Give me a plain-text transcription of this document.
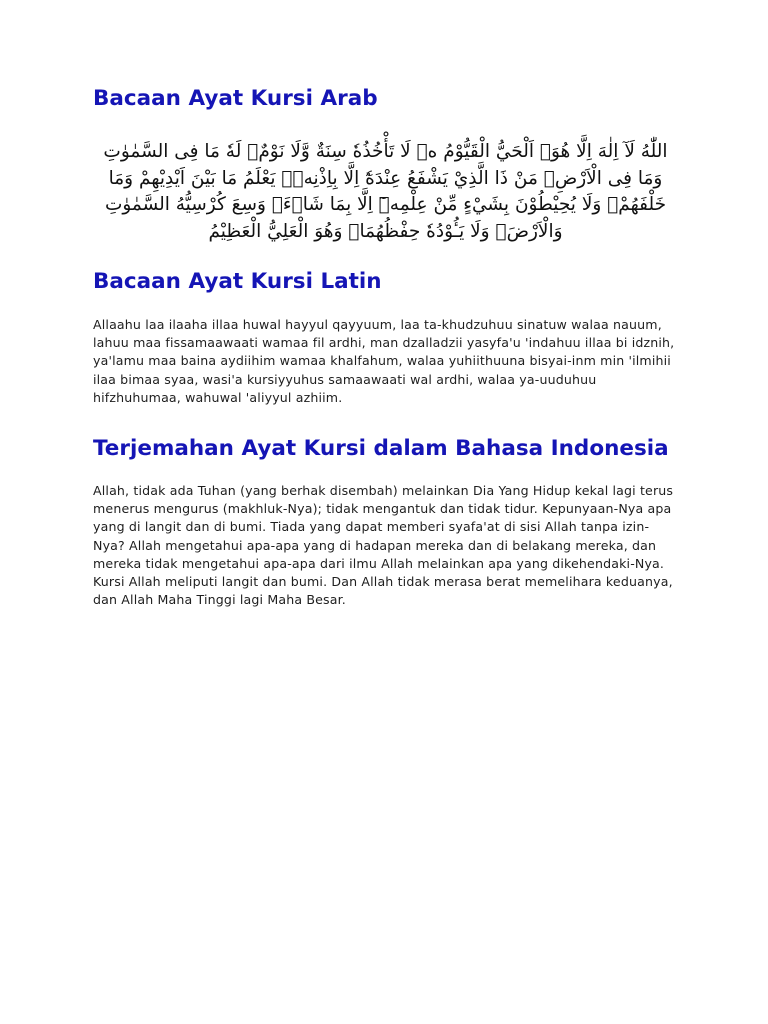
Bacaan Ayat Kursi Arab

اللّٰهُ لَآ اِلٰهَ اِلَّا هُوَۚ اَلْحَيُّ الْقَيُّوْمُ ەۚ لَا تَأْخُذُهٗ سِنَةٌ وَّلَا نَوْمٌۗ لَهٗ مَا فِى السَّمٰوٰتِ وَمَا فِى الْاَرْضِۗ مَنْ ذَا الَّذِيْ يَشْفَعُ عِنْدَهٗٓ اِلَّا بِاِذْنِهٖۗ يَعْلَمُ مَا بَيْنَ اَيْدِيْهِمْ وَمَا خَلْفَهُمْۚ وَلَا يُحِيْطُوْنَ بِشَيْءٍ مِّنْ عِلْمِهٖٓ اِلَّا بِمَا شَاۤءَۚ وَسِعَ كُرْسِيُّهُ السَّمٰوٰتِ وَالْاَرْضَۚ وَلَا يَـُٔوْدُهٗ حِفْظُهُمَاۚ وَهُوَ الْعَلِيُّ الْعَظِيْمُ

Bacaan Ayat Kursi Latin

Allaahu laa ilaaha illaa huwal hayyul qayyuum, laa ta-khudzuhuu sinatuw walaa nauum, lahuu maa fissamaawaati wamaa fil ardhi, man dzalladzii yasyfa'u 'indahuu illaa bi idznih, ya'lamu maa baina aydiihim wamaa khalfahum, walaa yuhiithuuna bisyai-inm min 'ilmihii ilaa bimaa syaa, wasi'a kursiyyuhus samaawaati wal ardhi, walaa ya-uuduhuu hifzhuhumaa, wahuwal 'aliyyul azhiim.

Terjemahan Ayat Kursi dalam Bahasa Indonesia

Allah, tidak ada Tuhan (yang berhak disembah) melainkan Dia Yang Hidup kekal lagi terus menerus mengurus (makhluk-Nya); tidak mengantuk dan tidak tidur. Kepunyaan-Nya apa yang di langit dan di bumi. Tiada yang dapat memberi syafa'at di sisi Allah tanpa izin-Nya? Allah mengetahui apa-apa yang di hadapan mereka dan di belakang mereka, dan mereka tidak mengetahui apa-apa dari ilmu Allah melainkan apa yang dikehendaki-Nya. Kursi Allah meliputi langit dan bumi. Dan Allah tidak merasa berat memelihara keduanya, dan Allah Maha Tinggi lagi Maha Besar.
